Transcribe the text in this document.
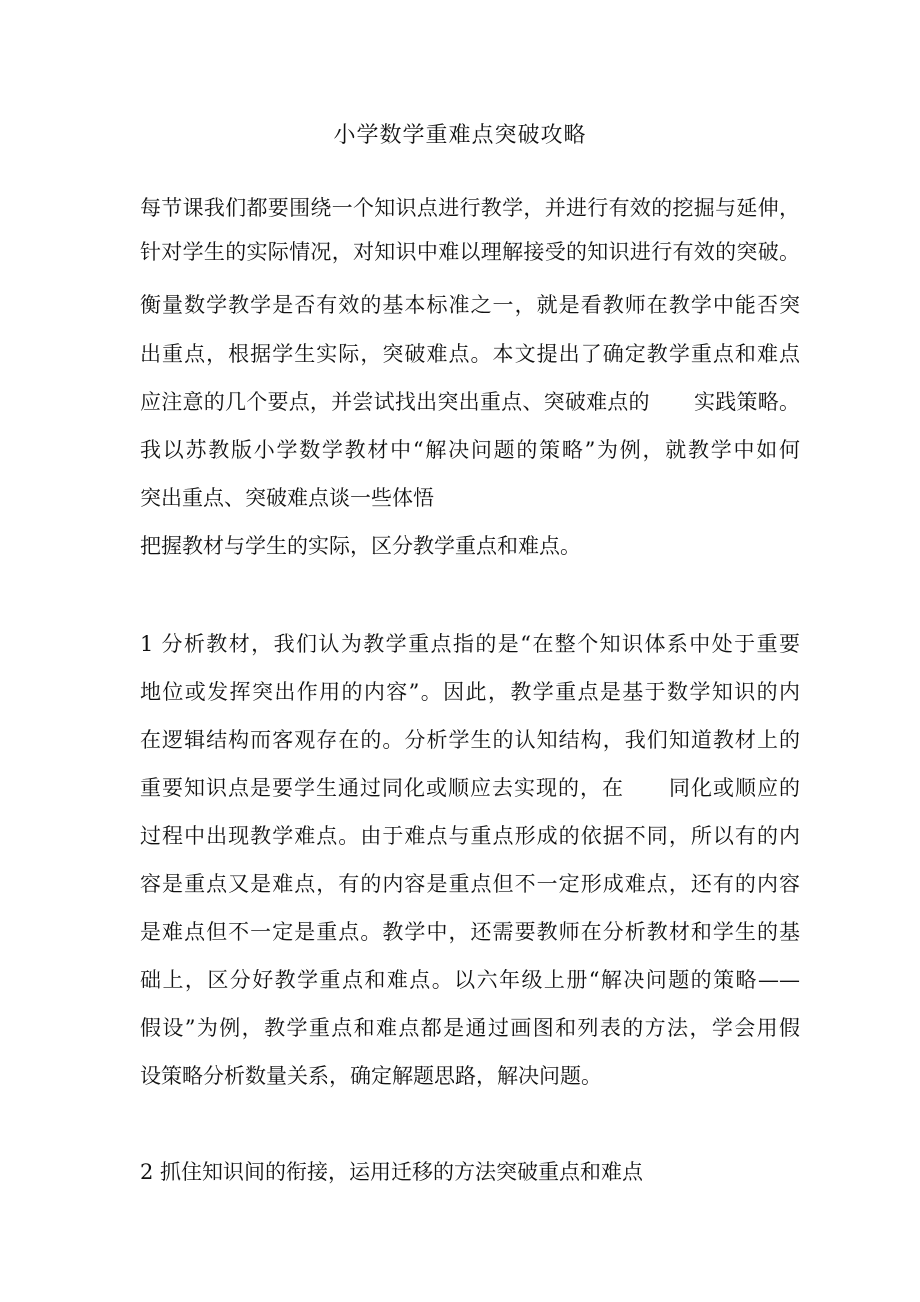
小学数学重难点突破攻略
每节课我们都要围绕一个知识点进行教学，并进行有效的挖掘与延伸，
针对学生的实际情况，对知识中难以理解接受的知识进行有效的突破。
衡量数学教学是否有效的基本标准之一，就是看教师在教学中能否突
出重点，根据学生实际，突破难点。本文提出了确定教学重点和难点
应注意的几个要点，并尝试找出突出重点、突破难点的 实践策略。
我以苏教版小学数学教材中“解决问题的策略”为例，就教学中如何
突出重点、突破难点谈一些体悟
把握教材与学生的实际，区分教学重点和难点。
1 分析教材，我们认为教学重点指的是“在整个知识体系中处于重要
地位或发挥突出作用的内容”。因此，教学重点是基于数学知识的内
在逻辑结构而客观存在的。分析学生的认知结构，我们知道教材上的
重要知识点是要学生通过同化或顺应去实现的，在 同化或顺应的
过程中出现教学难点。由于难点与重点形成的依据不同，所以有的内
容是重点又是难点，有的内容是重点但不一定形成难点，还有的内容
是难点但不一定是重点。教学中，还需要教师在分析教材和学生的基
础上，区分好教学重点和难点。以六年级上册“解决问题的策略——
假设”为例，教学重点和难点都是通过画图和列表的方法，学会用假
设策略分析数量关系，确定解题思路，解决问题。
2 抓住知识间的衔接，运用迁移的方法突破重点和难点
